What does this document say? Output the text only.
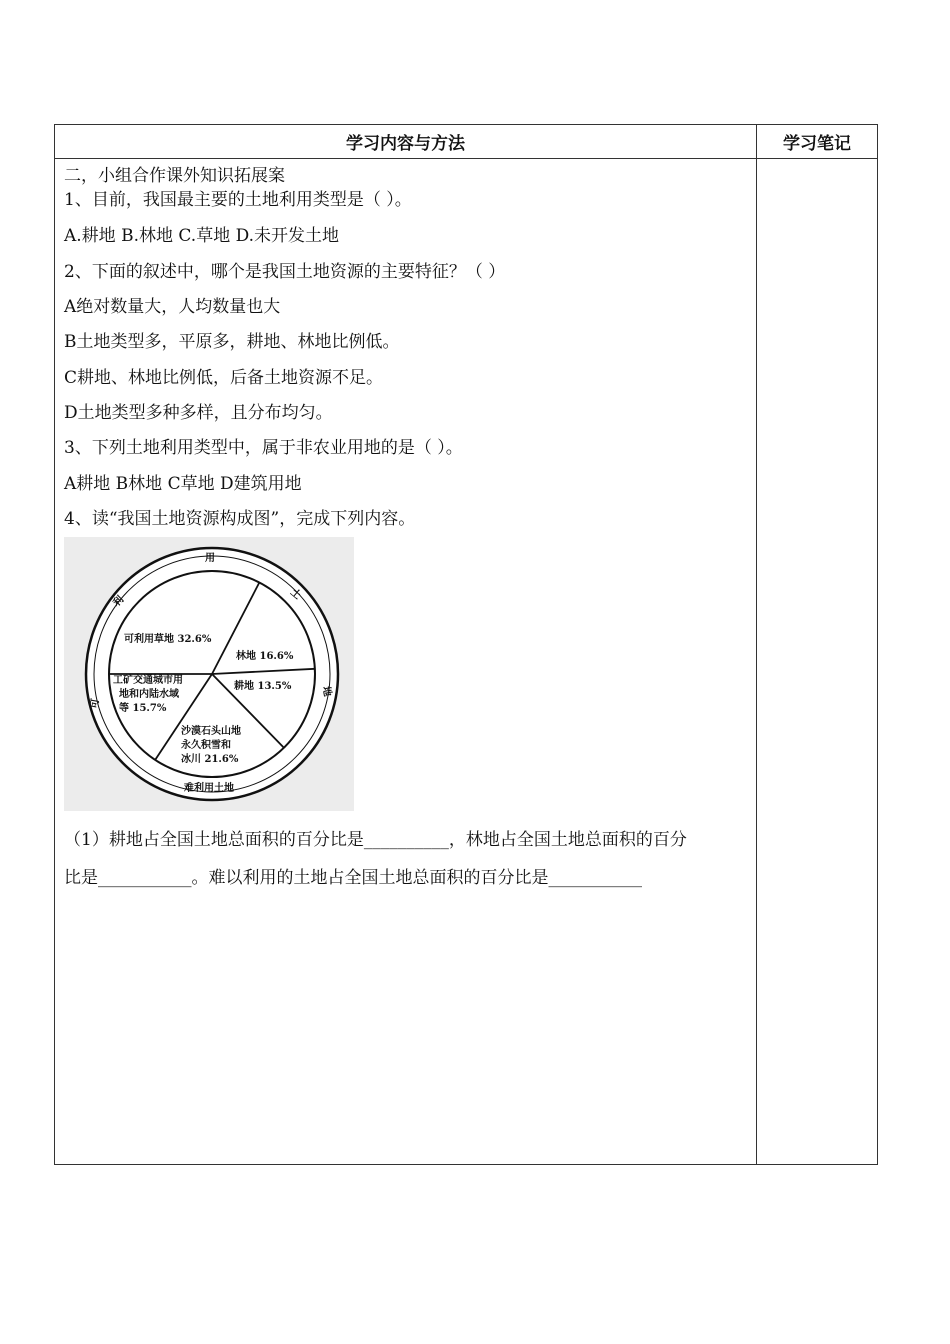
学习内容与方法	学习笔记
二，小组合作课外知识拓展案
1、目前，我国最主要的土地利用类型是（ ）。
A.耕地 B.林地 C.草地 D.未开发土地
2、下面的叙述中，哪个是我国土地资源的主要特征？（ ）
A绝对数量大，人均数量也大
B土地类型多，平原多，耕地、林地比例低。
C耕地、林地比例低，后备土地资源不足。
D土地类型多种多样，且分布均匀。
3、下列土地利用类型中，属于非农业用地的是（ ）。
A耕地 B林地 C草地 D建筑用地
4、读“我国土地资源构成图”，完成下列内容。
可利用草地 32.6%
林地 16.6%
耕地 13.5%
沙漠石头山地
永久积雪和
冰川 21.6%
工矿交通城市用
地和内陆水域
等 15.7%
用
土
地
利
可
难利用土地
（1）耕地占全国土地总面积的百分比是__________，林地占全国土地总面积的百分
比是___________。难以利用的土地占全国土地总面积的百分比是___________
